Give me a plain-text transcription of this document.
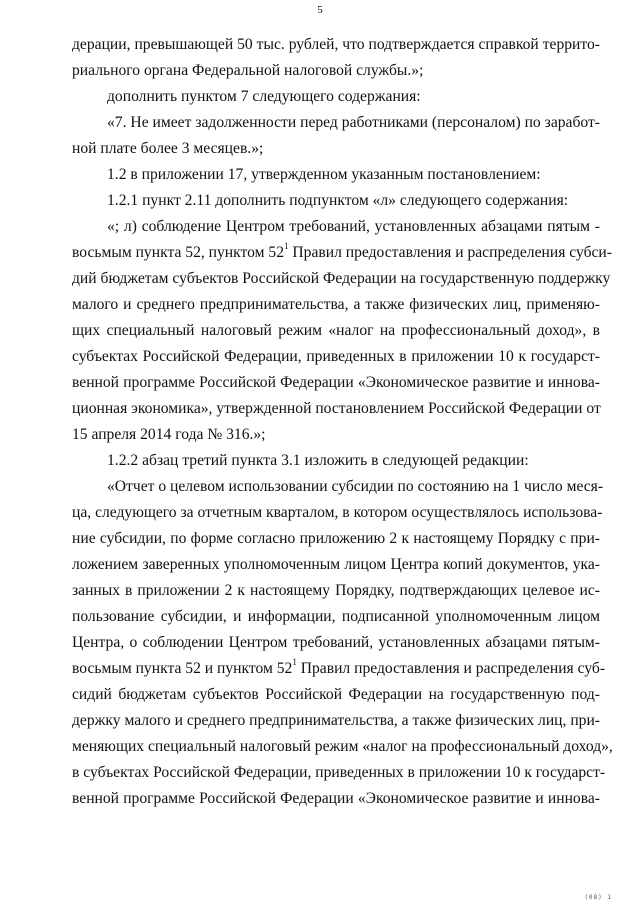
5
дерации, превышающей 50 тыс. рублей, что подтверждается справкой террито-
риального органа Федеральной налоговой службы.»;
дополнить пунктом 7 следующего содержания:
«7. Не имеет задолженности перед работниками (персоналом) по заработ-
ной плате более 3 месяцев.»;
1.2 в приложении 17, утвержденном указанным постановлением:
1.2.1 пункт 2.11 дополнить подпунктом «л» следующего содержания:
«; л) соблюдение Центром требований, установленных абзацами пятым -
восьмым пункта 52, пунктом $52^1$ Правил предоставления и распределения субси-
дий бюджетам субъектов Российской Федерации на государственную поддержку
малого и среднего предпринимательства, а также физических лиц, применяю-
щих специальный налоговый режим «налог на профессиональный доход», в
субъектах Российской Федерации, приведенных в приложении 10 к государст-
венной программе Российской Федерации «Экономическое развитие и иннова-
ционная экономика», утвержденной постановлением Российской Федерации от
15 апреля 2014 года № 316.»;
1.2.2 абзац третий пункта 3.1 изложить в следующей редакции:
«Отчет о целевом использовании субсидии по состоянию на 1 число меся-
ца, следующего за отчетным кварталом, в котором осуществлялось использова-
ние субсидии, по форме согласно приложению 2 к настоящему Порядку с при-
ложением заверенных уполномоченным лицом Центра копий документов, ука-
занных в приложении 2 к настоящему Порядку, подтверждающих целевое ис-
пользование субсидии, и информации, подписанной уполномоченным лицом
Центра, о соблюдении Центром требований, установленных абзацами пятым-
восьмым пункта 52 и пунктом $52^1$ Правил предоставления и распределения суб-
сидий бюджетам субъектов Российской Федерации на государственную под-
держку малого и среднего предпринимательства, а также физических лиц, при-
меняющих специальный налоговый режим «налог на профессиональный доход»,
в субъектах Российской Федерации, приведенных в приложении 10 к государст-
венной программе Российской Федерации «Экономическое развитие и иннова-
(08) 1
